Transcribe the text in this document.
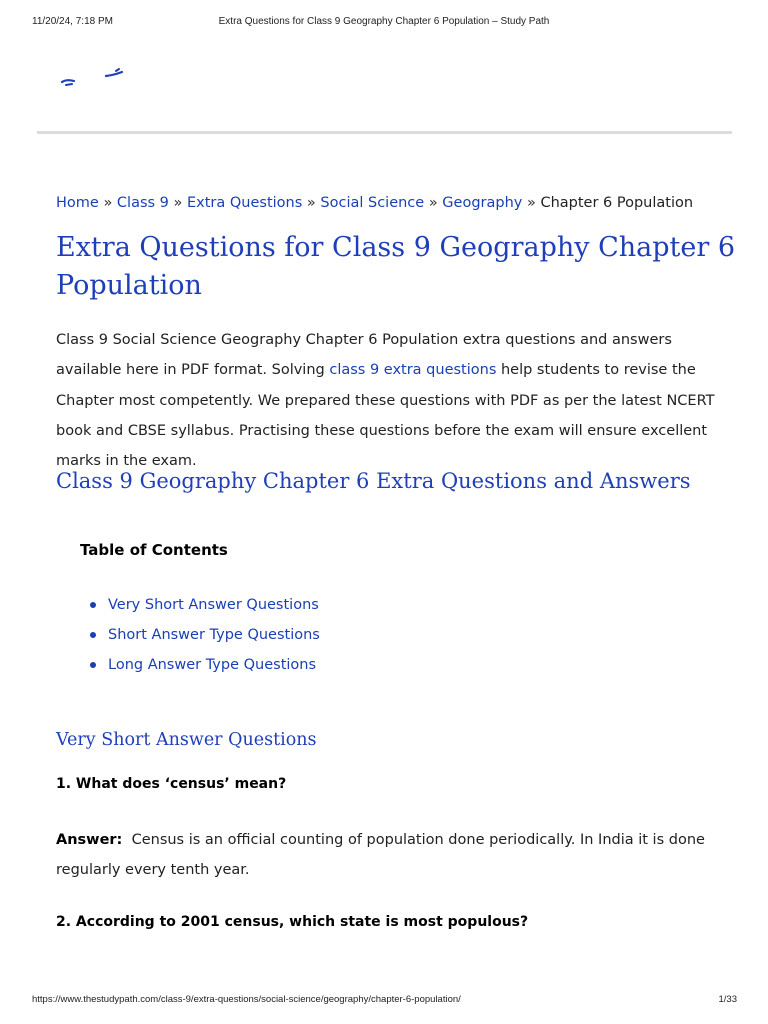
11/20/24, 7:18 PM	Extra Questions for Class 9 Geography Chapter 6 Population – Study Path
Home » Class 9 » Extra Questions » Social Science » Geography » Chapter 6 Population
Extra Questions for Class 9 Geography Chapter 6 Population

Class 9 Social Science Geography Chapter 6 Population extra questions and answers available here in PDF format. Solving class 9 extra questions help students to revise the Chapter most competently. We prepared these questions with PDF as per the latest NCERT book and CBSE syllabus. Practising these questions before the exam will ensure excellent marks in the exam.

Class 9 Geography Chapter 6 Extra Questions and Answers
Table of Contents
Very Short Answer Questions
Short Answer Type Questions
Long Answer Type Questions
Very Short Answer Questions
1. What does ‘census’ mean?

Answer: Census is an official counting of population done periodically. In India it is done regularly every tenth year.

2. According to 2001 census, which state is most populous?
https://www.thestudypath.com/class-9/extra-questions/social-science/geography/chapter-6-population/	1/33
